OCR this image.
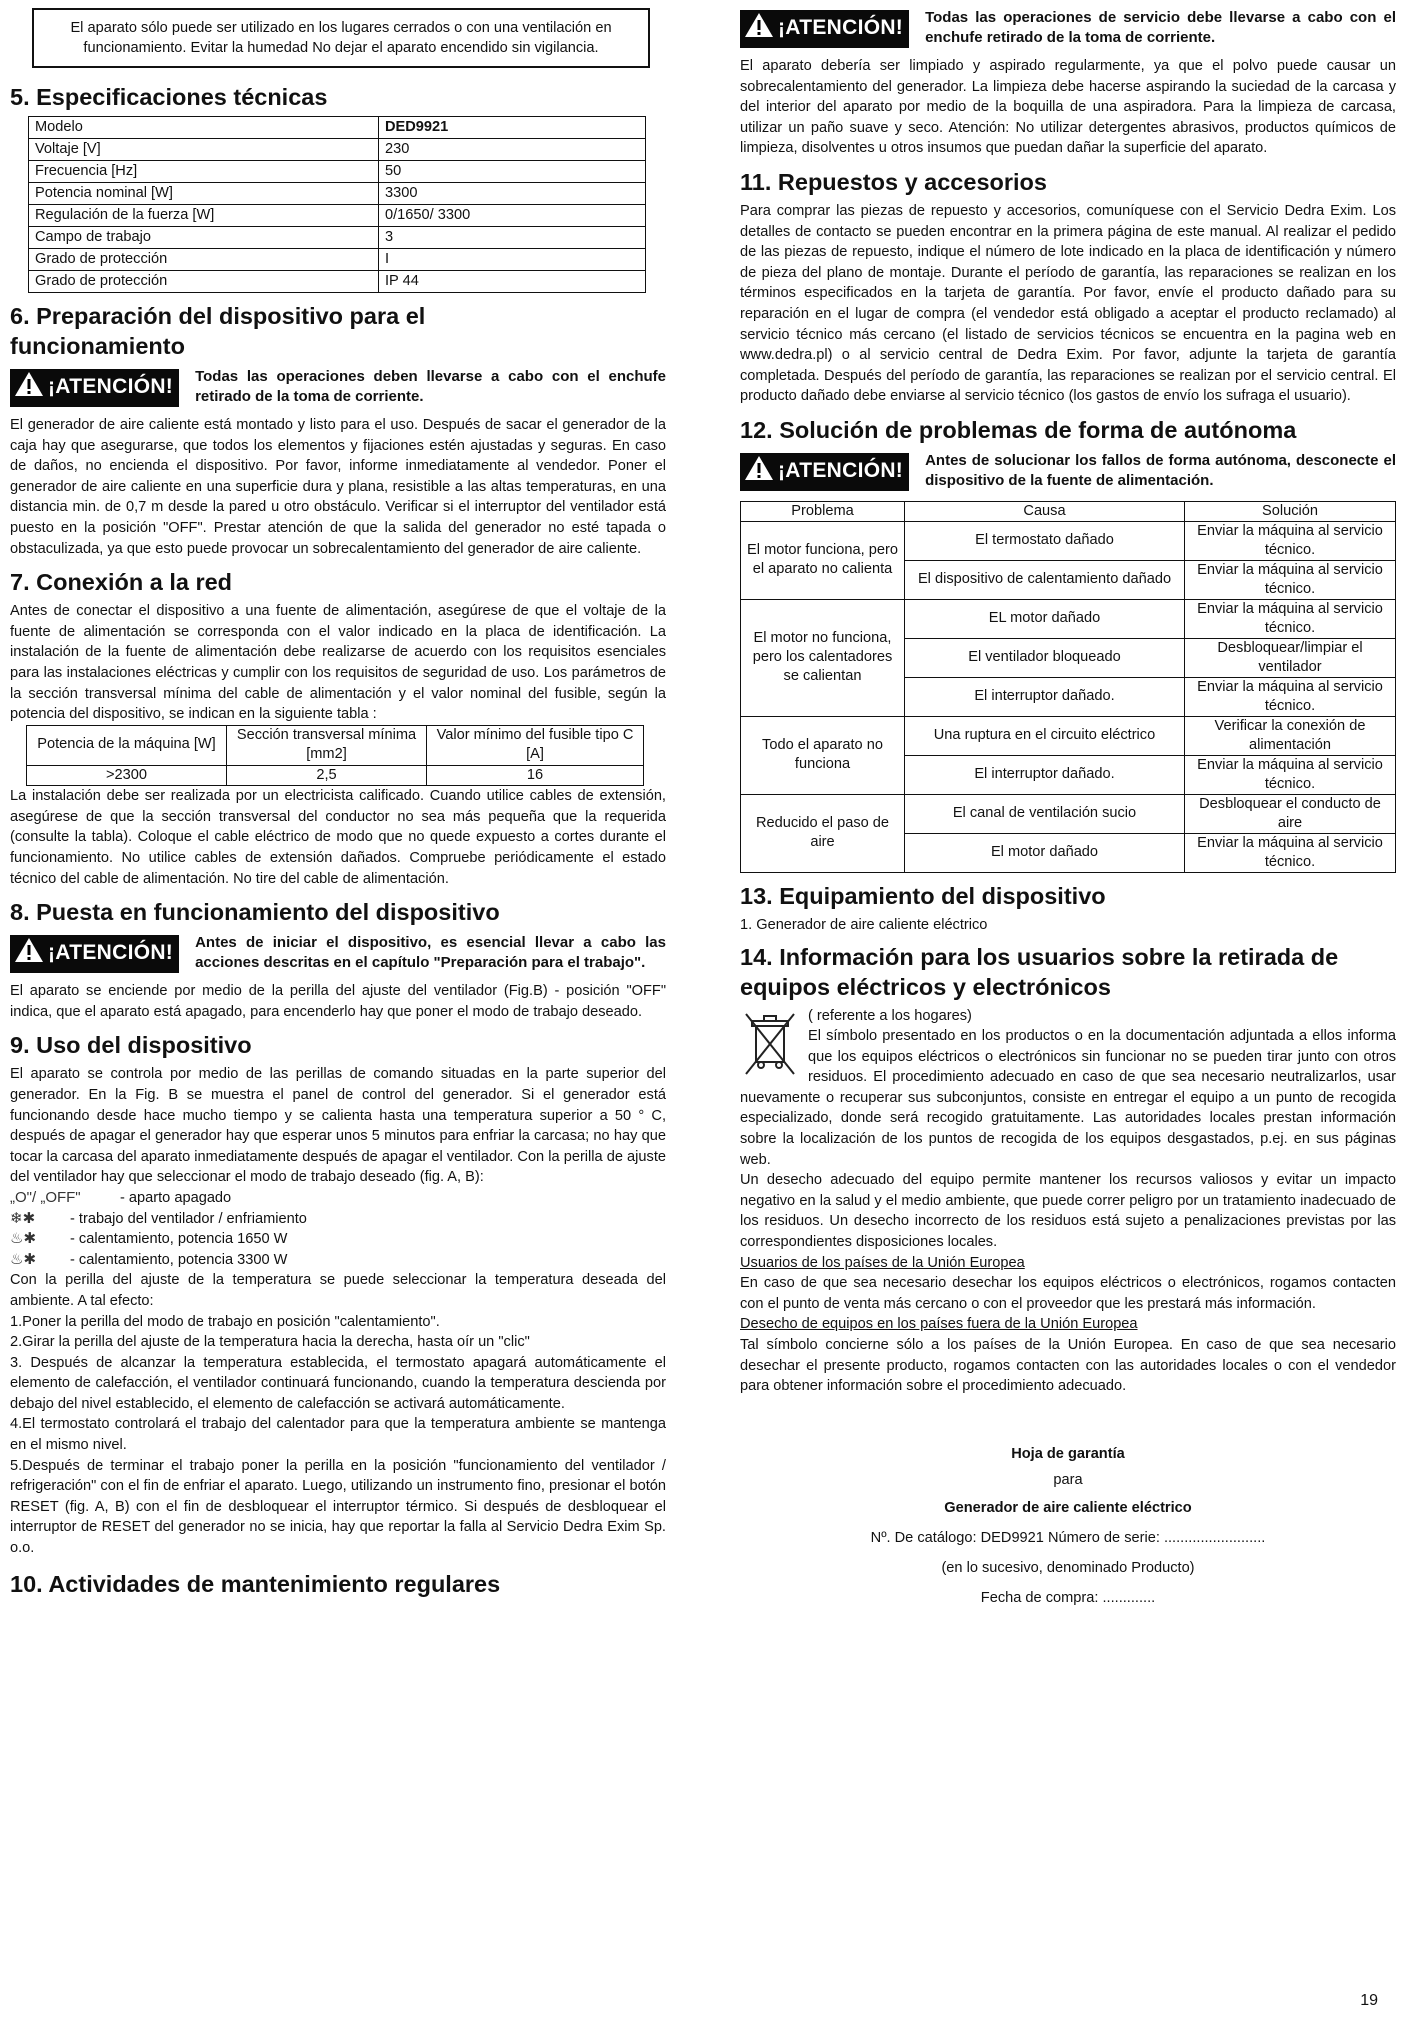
El aparato sólo puede ser utilizado en los lugares cerrados o con una ventilación en funcionamiento. Evitar la humedad No dejar el aparato encendido sin vigilancia.
5. Especificaciones técnicas
Modelo	DED9921
Voltaje [V]	230
Frecuencia [Hz]	50
Potencia nominal [W]	3300
Regulación de la fuerza [W]	0/1650/ 3300
Campo de trabajo	3
Grado de protección	I
Grado de protección	IP 44
6. Preparación del dispositivo para el funcionamiento
¡ATENCIÓN!	Todas las operaciones deben llevarse a cabo con el enchufe retirado de la toma de corriente.

El generador de aire caliente está montado y listo para el uso. Después de sacar el generador de la caja hay que asegurarse, que todos los elementos y fijaciones estén ajustadas y seguras. En caso de daños, no encienda el dispositivo. Por favor, informe inmediatamente al vendedor. Poner el generador de aire caliente en una superficie dura y plana, resistible a las altas temperaturas, en una distancia min. de 0,7 m desde la pared u otro obstáculo. Verificar si el interruptor del ventilador está puesto en la posición "OFF". Prestar atención de que la salida del generador no esté tapada o obstaculizada, ya que esto puede provocar un sobrecalentamiento del generador de aire caliente.

7. Conexión a la red

Antes de conectar el dispositivo a una fuente de alimentación, asegúrese de que el voltaje de la fuente de alimentación se corresponda con el valor indicado en la placa de identificación. La instalación de la fuente de alimentación debe realizarse de acuerdo con los requisitos esenciales para las instalaciones eléctricas y cumplir con los requisitos de seguridad de uso. Los parámetros de la sección transversal mínima del cable de alimentación y el valor nominal del fusible, según la potencia del dispositivo, se indican en la siguiente tabla :

Potencia de la máquina [W]	Sección transversal mínima [mm2]	Valor mínimo del fusible tipo C [A]
>2300	2,5	16

La instalación debe ser realizada por un electricista calificado. Cuando utilice cables de extensión, asegúrese de que la sección transversal del conductor no sea más pequeña que la requerida (consulte la tabla). Coloque el cable eléctrico de modo que no quede expuesto a cortes durante el funcionamiento. No utilice cables de extensión dañados. Compruebe periódicamente el estado técnico del cable de alimentación. No tire del cable de alimentación.

8. Puesta en funcionamiento del dispositivo
¡ATENCIÓN!	Antes de iniciar el dispositivo, es esencial llevar a cabo las acciones descritas en el capítulo "Preparación para el trabajo".

El aparato se enciende por medio de la perilla del ajuste del ventilador (Fig.B) - posición "OFF" indica, que el aparato está apagado, para encenderlo hay que poner el modo de trabajo deseado.

9. Uso del dispositivo

El aparato se controla por medio de las perillas de comando situadas en la parte superior del generador. En la Fig. B se muestra el panel de control del generador. Si el generador está funcionando desde hace mucho tiempo y se calienta hasta una temperatura superior a 50 ° C, después de apagar el generador hay que esperar unos 5 minutos para enfriar la carcasa; no hay que tocar la carcasa del aparato inmediatamente después de apagar el ventilador. Con la perilla de ajuste del ventilador hay que seleccionar el modo de trabajo deseado (fig. A, B):

„O"/ „OFF"	- aparto apagado
❄✱	- trabajo del ventilador / enfriamiento
♨✱	- calentamiento, potencia 1650 W
♨✱	- calentamiento, potencia 3300 W

Con la perilla del ajuste de la temperatura se puede seleccionar la temperatura deseada del ambiente. A tal efecto:

1.Poner la perilla del modo de trabajo en posición "calentamiento".

2.Girar la perilla del ajuste de la temperatura hacia la derecha, hasta oír un "clic"

3. Después de alcanzar la temperatura establecida, el termostato apagará automáticamente el elemento de calefacción, el ventilador continuará funcionando, cuando la temperatura descienda por debajo del nivel establecido, el elemento de calefacción se activará automáticamente.

4.El termostato controlará el trabajo del calentador para que la temperatura ambiente se mantenga en el mismo nivel.

5.Después de terminar el trabajo poner la perilla en la posición "funcionamiento del ventilador / refrigeración" con el fin de enfriar el aparato. Luego, utilizando un instrumento fino, presionar el botón RESET (fig. A, B) con el fin de desbloquear el interruptor térmico. Si después de desbloquear el interruptor de RESET del generador no se inicia, hay que reportar la falla al Servicio Dedra Exim Sp. o.o.

10. Actividades de mantenimiento regulares
¡ATENCIÓN!	Todas las operaciones de servicio debe llevarse a cabo con el enchufe retirado de la toma de corriente.

El aparato debería ser limpiado y aspirado regularmente, ya que el polvo puede causar un sobrecalentamiento del generador. La limpieza debe hacerse aspirando la suciedad de la carcasa y del interior del aparato por medio de la boquilla de una aspiradora. Para la limpieza de carcasa, utilizar un paño suave y seco. Atención: No utilizar detergentes abrasivos, productos químicos de limpieza, disolventes u otros insumos que puedan dañar la superficie del aparato.

11. Repuestos y accesorios

Para comprar las piezas de repuesto y accesorios, comuníquese con el Servicio Dedra Exim. Los detalles de contacto se pueden encontrar en la primera página de este manual. Al realizar el pedido de las piezas de repuesto, indique el número de lote indicado en la placa de identificación y número de pieza del plano de montaje. Durante el período de garantía, las reparaciones se realizan en los términos especificados en la tarjeta de garantía. Por favor, envíe el producto dañado para su reparación en el lugar de compra (el vendedor está obligado a aceptar el producto reclamado) al servicio técnico más cercano (el listado de servicios técnicos se encuentra en la pagina web en www.dedra.pl) o al servicio central de Dedra Exim. Por favor, adjunte la tarjeta de garantía completada. Después del período de garantía, las reparaciones se realizan por el servicio central. El producto dañado debe enviarse al servicio técnico (los gastos de envío los sufraga el usuario).

12. Solución de problemas de forma de autónoma
¡ATENCIÓN!	Antes de solucionar los fallos de forma autónoma, desconecte el dispositivo de la fuente de alimentación.
Problema	Causa	Solución
El motor funciona, pero el aparato no calienta	El termostato dañado	Enviar la máquina al servicio técnico.
	El dispositivo de calentamiento dañado	Enviar la máquina al servicio técnico.
El motor no funciona, pero los calentadores se calientan	EL motor dañado	Enviar la máquina al servicio técnico.
	El ventilador bloqueado	Desbloquear/limpiar el ventilador
	El interruptor dañado.	Enviar la máquina al servicio técnico.
Todo el aparato no funciona	Una ruptura en el circuito eléctrico	Verificar la conexión de alimentación
	El interruptor dañado.	Enviar la máquina al servicio técnico.
Reducido el paso de aire	El canal de ventilación sucio	Desbloquear el conducto de aire
	El motor dañado	Enviar la máquina al servicio técnico.
13. Equipamiento del dispositivo

1. Generador de aire caliente eléctrico

14. Información para los usuarios sobre la retirada de equipos eléctricos y electrónicos

( referente a los hogares)

El símbolo presentado en los productos o en la documentación adjuntada a ellos informa que los equipos eléctricos o electrónicos sin funcionar no se pueden tirar junto con otros residuos. El procedimiento adecuado en caso de que sea necesario neutralizarlos, usar nuevamente o recuperar sus subconjuntos, consiste en entregar el equipo a un punto de recogida especializado, donde será recogido gratuitamente. Las autoridades locales prestan información sobre la localización de los puntos de recogida de los equipos desgastados, p.ej. en sus páginas web.

Un desecho adecuado del equipo permite mantener los recursos valiosos y evitar un impacto negativo en la salud y el medio ambiente, que puede correr peligro por un tratamiento inadecuado de los residuos. Un desecho incorrecto de los residuos está sujeto a penalizaciones previstas por las correspondientes disposiciones locales.

Usuarios de los países de la Unión Europea

En caso de que sea necesario desechar los equipos eléctricos o electrónicos, rogamos contacten con el punto de venta más cercano o con el proveedor que les prestará más información.

Desecho de equipos en los países fuera de la Unión Europea

Tal símbolo concierne sólo a los países de la Unión Europea. En caso de que sea necesario desechar el presente producto, rogamos contacten con las autoridades locales o con el vendedor para obtener información sobre el procedimiento adecuado.

Hoja de garantía

para

Generador de aire caliente eléctrico

Nº. De catálogo: DED9921 Número de serie: .........................

(en lo sucesivo, denominado Producto)

Fecha de compra: .............

19
